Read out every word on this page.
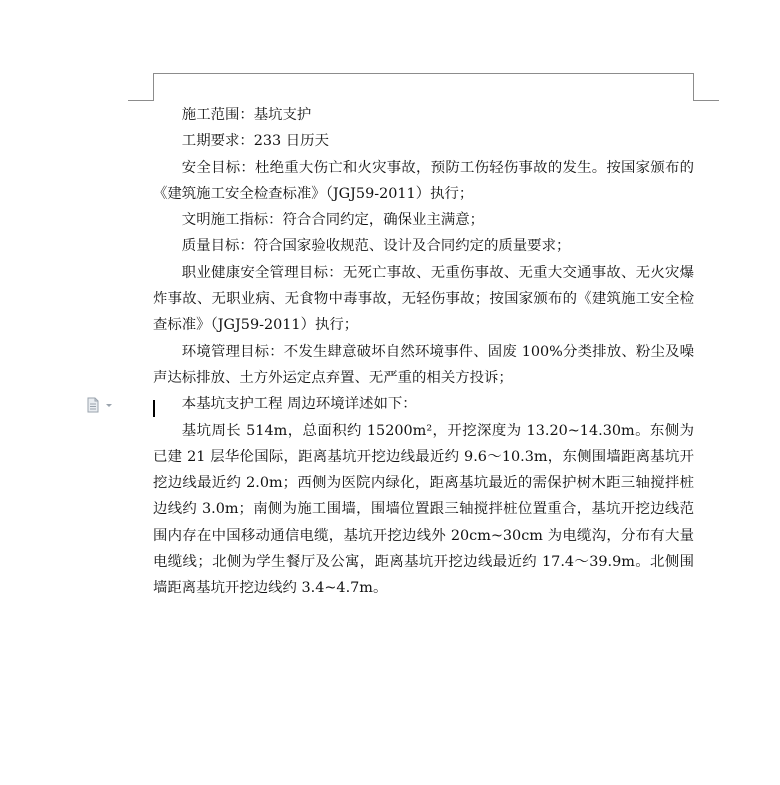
施工范围：基坑支护

工期要求：233 日历天

安全目标：杜绝重大伤亡和火灾事故，预防工伤轻伤事故的发生。按国家颁布的《建筑施工安全检查标准》（JGJ59-2011）执行；

文明施工指标：符合合同约定，确保业主满意；

质量目标：符合国家验收规范、设计及合同约定的质量要求；

职业健康安全管理目标：无死亡事故、无重伤事故、无重大交通事故、无火灾爆炸事故、无职业病、无食物中毒事故，无轻伤事故；按国家颁布的《建筑施工安全检查标准》（JGJ59-2011）执行；

环境管理目标：不发生肆意破坏自然环境事件、固废 100%分类排放、粉尘及噪声达标排放、土方外运定点弃置、无严重的相关方投诉；

本基坑支护工程 周边环境详述如下：

基坑周长 514m，总面积约 15200m²，开挖深度为 13.20~14.30m。东侧为已建 21 层华伦国际，距离基坑开挖边线最近约 9.6～10.3m，东侧围墙距离基坑开挖边线最近约 2.0m；西侧为医院内绿化，距离基坑最近的需保护树木距三轴搅拌桩边线约 3.0m；南侧为施工围墙，围墙位置跟三轴搅拌桩位置重合，基坑开挖边线范围内存在中国移动通信电缆，基坑开挖边线外 20cm~30cm 为电缆沟，分布有大量电缆线；北侧为学生餐厅及公寓，距离基坑开挖边线最近约 17.4～39.9m。北侧围墙距离基坑开挖边线约 3.4~4.7m。
